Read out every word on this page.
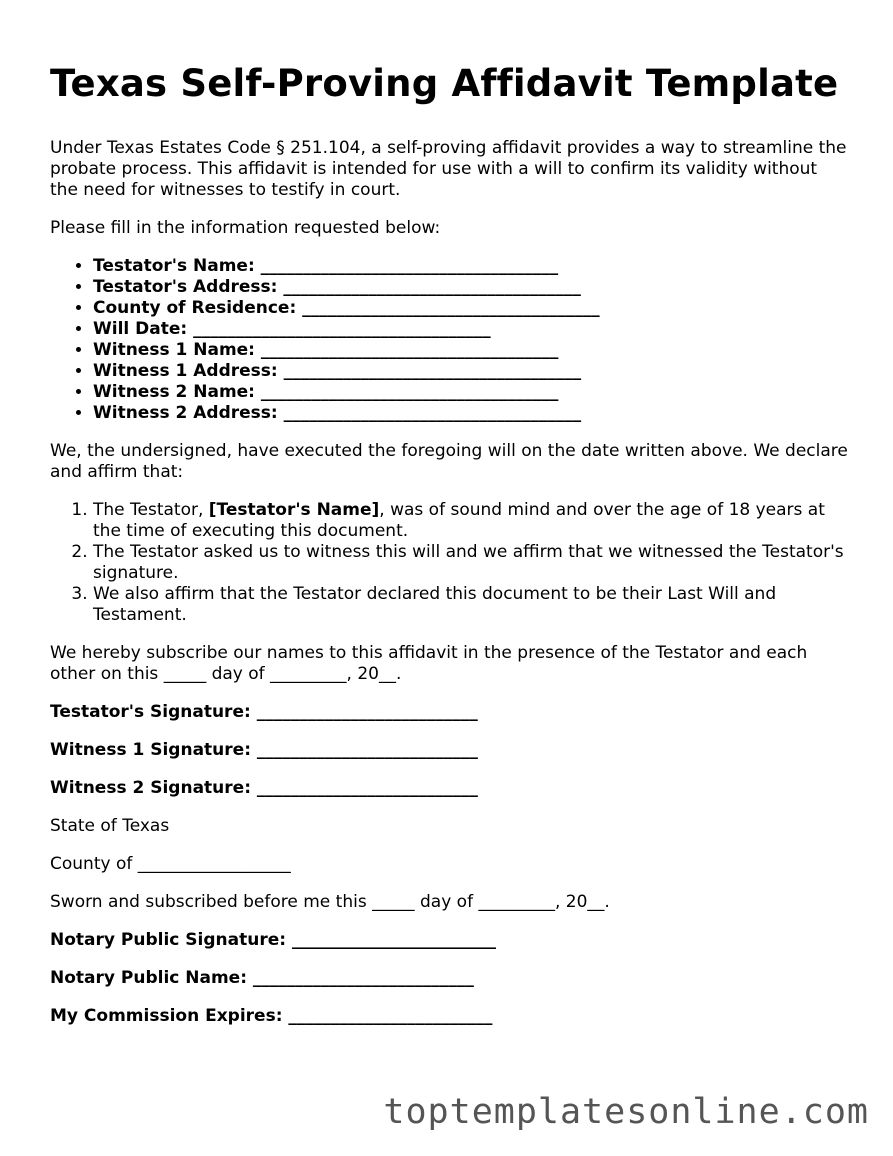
Texas Self-Proving Affidavit Template

Under Texas Estates Code § 251.104, a self-proving affidavit provides a way to streamline the probate process. This affidavit is intended for use with a will to confirm its validity without the need for witnesses to testify in court.

Please fill in the information requested below:

• Testator's Name: ___________________________________
• Testator's Address: ___________________________________
• County of Residence: ___________________________________
• Will Date: ___________________________________
• Witness 1 Name: ___________________________________
• Witness 1 Address: ___________________________________
• Witness 2 Name: ___________________________________
• Witness 2 Address: ___________________________________

We, the undersigned, have executed the foregoing will on the date written above. We declare and affirm that:

1. The Testator, [Testator's Name], was of sound mind and over the age of 18 years at the time of executing this document.
2. The Testator asked us to witness this will and we affirm that we witnessed the Testator's signature.
3. We also affirm that the Testator declared this document to be their Last Will and Testament.

We hereby subscribe our names to this affidavit in the presence of the Testator and each other on this _____ day of _________, 20__.

Testator's Signature: __________________________

Witness 1 Signature: __________________________

Witness 2 Signature: __________________________

State of Texas

County of __________________

Sworn and subscribed before me this _____ day of _________, 20__.

Notary Public Signature: ________________________

Notary Public Name: __________________________

My Commission Expires: ________________________

toptemplatesonline.com
